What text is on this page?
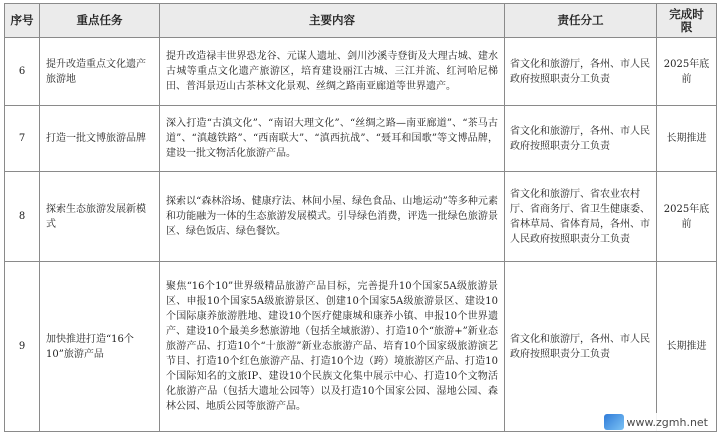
序号	重点任务	主要内容	责任分工	完成时限
6	提升改造重点文化遗产旅游地	提升改造禄丰世界恐龙谷、元谋人遗址、剑川沙溪寺登街及大理古城、建水古城等重点文化遗产旅游区，培育建设丽江古城、三江并流、红河哈尼梯田、普洱景迈山古茶林文化景观、丝绸之路南亚廊道等世界遗产。	省文化和旅游厅，各州、市人民政府按照职责分工负责	2025年底前
7	打造一批文博旅游品牌	深入打造“古滇文化”、“南诏大理文化”、“丝绸之路—南亚廊道”、“茶马古道”、“滇越铁路”、“西南联大”、“滇西抗战”、“聂耳和国歌”等文博品牌，建设一批文物活化旅游产品。	省文化和旅游厅，各州、市人民政府按照职责分工负责	长期推进
8	探索生态旅游发展新模式	探索以“森林浴场、健康疗法、林间小屋、绿色食品、山地运动”等多种元素和功能融为一体的生态旅游发展模式。引导绿色消费，评选一批绿色旅游景区、绿色饭店、绿色餐饮。	省文化和旅游厅、省农业农村厅、省商务厅、省卫生健康委、省林草局、省体育局，各州、市人民政府按照职责分工负责	2025年底前
9	加快推进打造“16个10”旅游产品	聚焦“16个10”世界级精品旅游产品目标，完善提升10个国家5A级旅游景区、申报10个国家5A级旅游景区、创建10个国家5A级旅游景区、建设10个国际康养旅游胜地、建设10个医疗健康城和康养小镇、申报10个世界遗产、建设10个最美乡愁旅游地（包括全域旅游）、打造10个“旅游+”新业态旅游产品、打造10个“十旅游”新业态旅游产品、培育10个国家级旅游演艺节目、打造10个红色旅游产品、打造10个边（跨）境旅游区产品、打造10个国际知名的文旅IP、建设10个民族文化集中展示中心、打造10个文物活化旅游产品（包括大遗址公园等）以及打造10个国家公园、湿地公园、森林公园、地质公园等旅游产品。	省文化和旅游厅，各州、市人民政府按照职责分工负责	长期推进
www.zgmh.net
